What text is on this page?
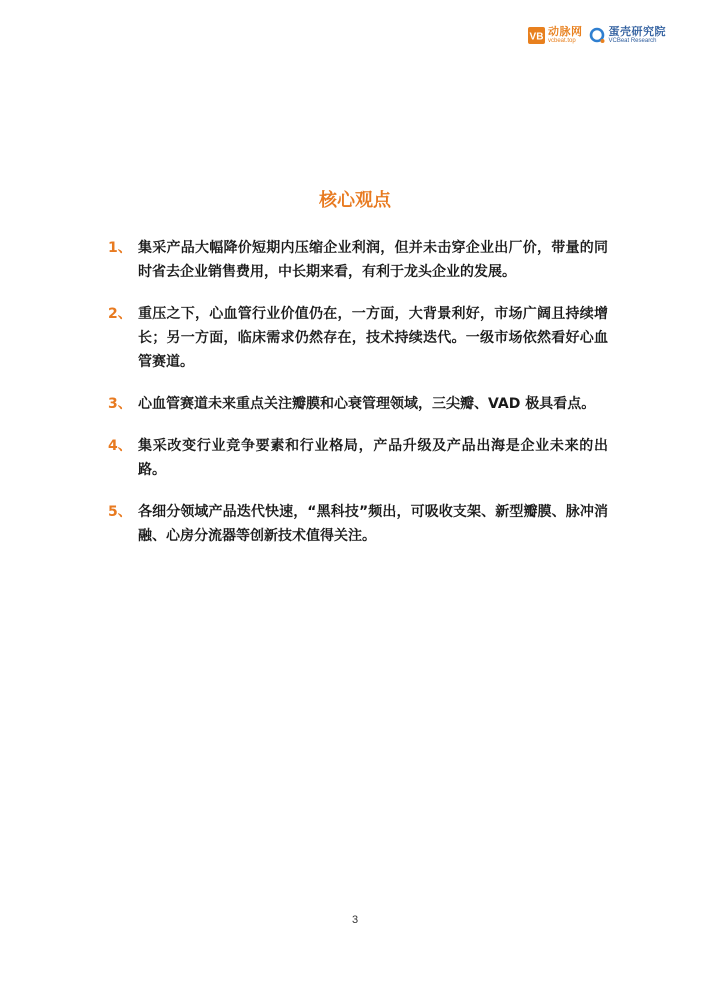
VB 动脉网
vcbeat.top
蛋壳研究院
VCBeat Research
核心观点
1、 集采产品大幅降价短期内压缩企业利润，但并未击穿企业出厂价，带量的同时省去企业销售费用，中长期来看，有利于龙头企业的发展。
2、 重压之下，心血管行业价值仍在，一方面，大背景利好，市场广阔且持续增长；另一方面，临床需求仍然存在，技术持续迭代。一级市场依然看好心血管赛道。
3、 心血管赛道未来重点关注瓣膜和心衰管理领域，三尖瓣、VAD 极具看点。
4、 集采改变行业竞争要素和行业格局，产品升级及产品出海是企业未来的出路。
5、 各细分领域产品迭代快速，“黑科技”频出，可吸收支架、新型瓣膜、脉冲消融、心房分流器等创新技术值得关注。
3
